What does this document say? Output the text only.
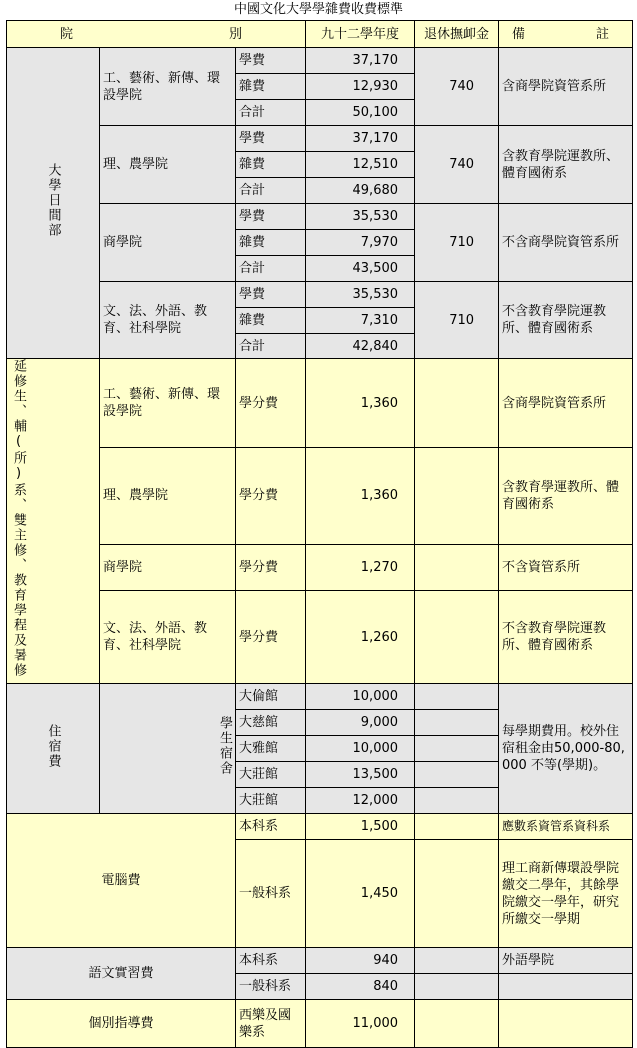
中國文化大學學雜費收費標準
院 別			九十二學年度	退休撫卹金	備 註

大學日間部	工、藝術、新傳、環設學院	學費	37,170	740	含商學院資管系所
		雜費	12,930		
		合計	50,100		
	理、農學院	學費	37,170	740	含教育學院運教所、體育國術系
		雜費	12,510		
		合計	49,680		
	商學院	學費	35,530	710	不含商學院資管系所
		雜費	7,970		
		合計	43,500		
	文、法、外語、教育、社科學院	學費	35,530	710	不含教育學院運教所、體育國術系
		雜費	7,310		
		合計	42,840		

延修生、輔(所)系、雙
主修、教育學程及暑修	工、藝術、新傳、環設學院	學分費	1,360		含商學院資管系所
	理、農學院	學分費	1,360		含教育學運教所、體育國術系
	商學院	學分費	1,270		不含資管系所
	文、法、外語、教育、社科學院	學分費	1,260		不含教育學院運教所、體育國術系
住宿費	學生宿舍	大倫館	10,000		每學期費用。校外住宿租金由50,000-80,000 不等(學期)。
		大慈館	9,000		
		大雅館	10,000		
		大莊館	13,500		
		大莊館	12,000		
電腦費		本科系	1,500		應數系資管系資科系
		一般科系	1,450		理工商新傳環設學院繳交二學年，其餘學院繳交一學年，研究所繳交一學期
語文實習費		本科系	940		外語學院
		一般科系	840		
個別指導費		西樂及國樂系	11,000		
